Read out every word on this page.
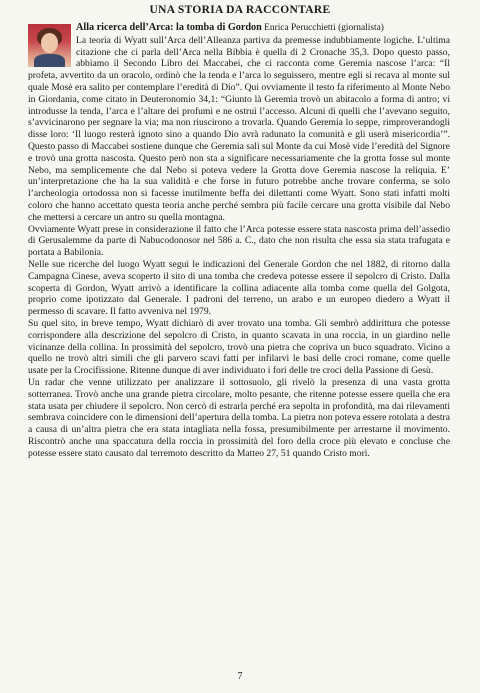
UNA STORIA DA RACCONTARE

Alla ricerca dell’Arca: la tomba di Gordon Enrica Perucchietti (giornalista)
La teoria di Wyatt sull’Arca dell’Alleanza partiva da premesse indubbiamente logiche. L’ultima citazione che ci parla dell’Arca nella Bibbia è quella di 2 Cronache 35,3. Dopo questo passo, abbiamo il Secondo Libro dei Maccabei, che ci racconta come Geremia nascose l’arca: “Il profeta, avvertito da un oracolo, ordinò che la tenda e l’arca lo seguissero, mentre egli si recava al monte sul quale Mosè era salito per contemplare l’eredità di Dio”. Qui ovviamente il testo fa riferimento al Monte Nebo in Giordania, come citato in Deuteronomio 34,1: “Giunto là Geremia trovò un abitacolo a forma di antro; vi introdusse la tenda, l’arca e l’altare dei profumi e ne ostruì l’accesso. Alcuni di quelli che l’avevano seguito, s’avvicinarono per segnare la via; ma non riuscirono a trovarla. Quando Geremia lo seppe, rimproverandogli disse loro: ‘Il luogo resterà ignoto sino a quando Dio avrà radunato la comunità e gli userà misericordia’”. Questo passo di Maccabei sostiene dunque che Geremia salì sul Monte da cui Mosè vide l’eredità del Signore e trovò una grotta nascosta. Questo però non sta a significare necessariamente che la grotta fosse sul monte Nebo, ma semplicemente che dal Nebo si poteva vedere la Grotta dove Geremia nascose la reliquia. E’ un’interpretazione che ha la sua validità e che forse in futuro potrebbe anche trovare conferma, se solo l’archeologia ortodossa non si facesse inutilmente beffa dei dilettanti come Wyatt. Sono stati infatti molti coloro che hanno accettato questa teoria anche perché sembra più facile cercare una grotta visibile dal Nebo che mettersi a cercare un antro su quella montagna.

Ovviamente Wyatt prese in considerazione il fatto che l’Arca potesse essere stata nascosta prima dell’assedio di Gerusalemme da parte di Nabucodonosor nel 586 a. C., dato che non risulta che essa sia stata trafugata e portata a Babilonia.

Nelle sue ricerche del luogo Wyatt seguì le indicazioni del Generale Gordon che nel 1882, di ritorno dalla Campagna Cinese, aveva scoperto il sito di una tomba che credeva potesse essere il sepolcro di Cristo. Dalla scoperta di Gordon, Wyatt arrivò a identificare la collina adiacente alla tomba come quella del Golgota, proprio come ipotizzato dal Generale. I padroni del terreno, un arabo e un europeo diedero a Wyatt il permesso di scavare. Il fatto avveniva nel 1979.

Su quel sito, in breve tempo, Wyatt dichiarò di aver trovato una tomba. Gli sembrò addirittura che potesse corrispondere alla descrizione del sepolcro di Cristo, in quanto scavata in una roccia, in un giardino nelle vicinanze della collina. In prossimità del sepolcro, trovò una pietra che copriva un buco squadrato. Vicino a quello ne trovò altri simili che gli parvero scavi fatti per infilarvi le basi delle croci romane, come quelle usate per la Crocifissione. Ritenne dunque di aver individuato i fori delle tre croci della Passione di Gesù.

Un radar che venne utilizzato per analizzare il sottosuolo, gli rivelò la presenza di una vasta grotta sotterranea. Trovò anche una grande pietra circolare, molto pesante, che ritenne potesse essere quella che era stata usata per chiudere il sepolcro. Non cercò di estrarla perché era sepolta in profondità, ma dai rilevamenti sembrava coincidere con le dimensioni dell’apertura della tomba. La pietra non poteva essere rotolata a destra a causa di un’altra pietra che era stata intagliata nella fossa, presumibilmente per arrestarne il movimento. Riscontrò anche una spaccatura della roccia in prossimità del foro della croce più elevato e concluse che potesse essere stato causato dal terremoto descritto da Matteo 27, 51 quando Cristo morì.

7
